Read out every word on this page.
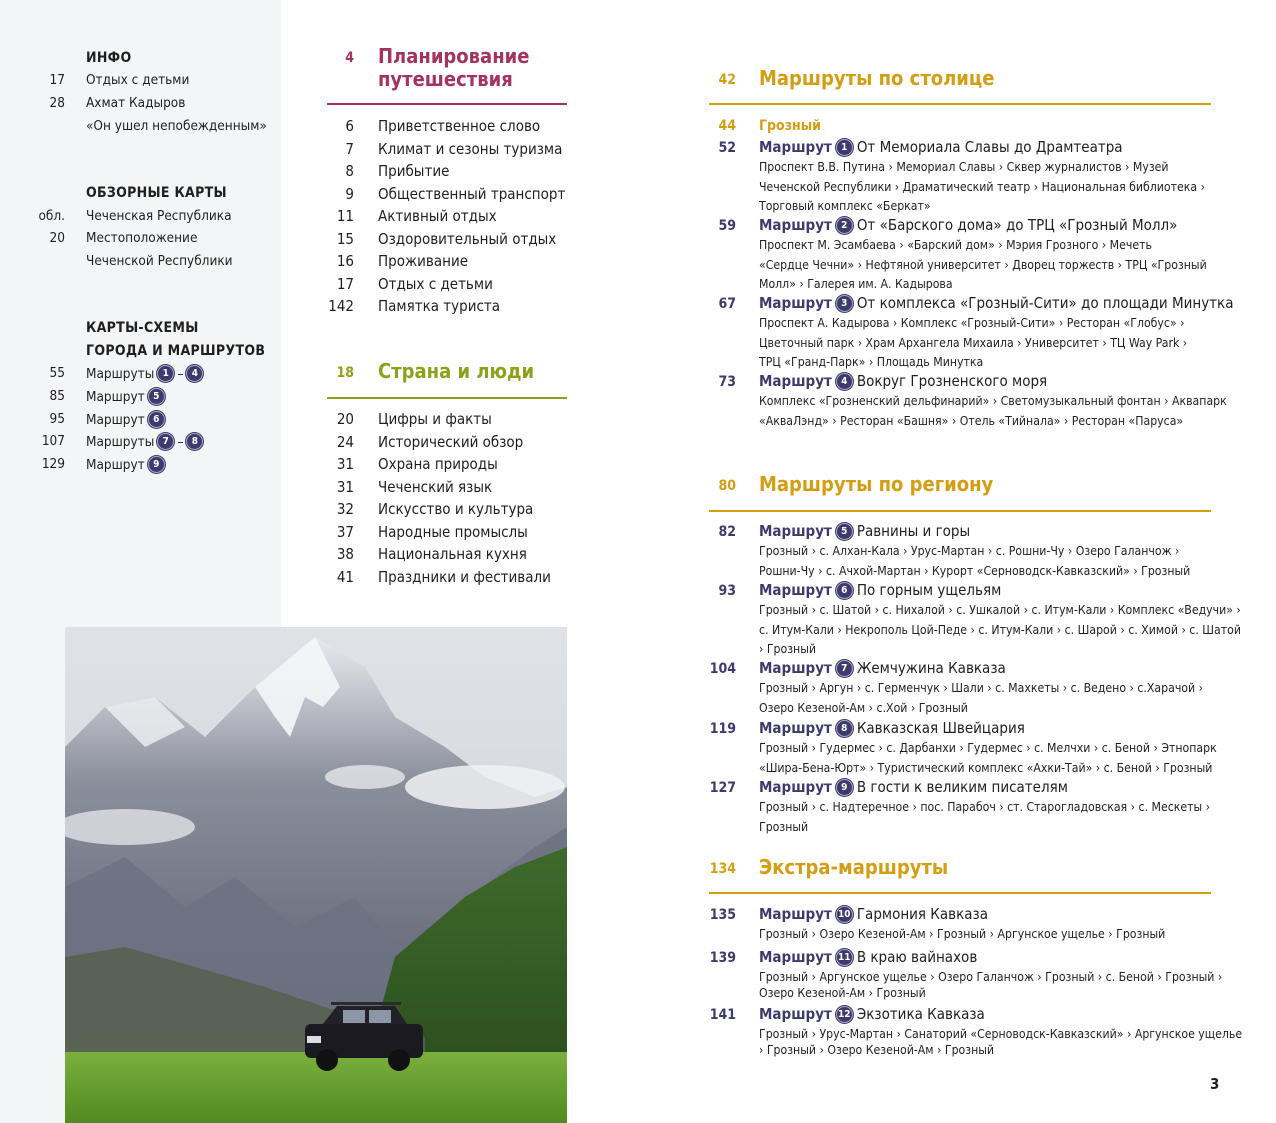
ИНФО
17 Отдых с детьми
28 Ахмат Кадыров
«Он ушел непобежденным»
ОБЗОРНЫЕ КАРТЫ
обл. Чеченская Республика
20 Местоположение
Чеченской Республики
КАРТЫ-СХЕМЫ
ГОРОДА И МАРШРУТОВ
55 Маршруты 1 – 4
85 Маршрут 5
95 Маршрут 6
107 Маршруты 7 – 8
129 Маршрут 9
4 Планирование
путешествия
6 Приветственное слово
7 Климат и сезоны туризма
8 Прибытие
9 Общественный транспорт
11 Активный отдых
15 Оздоровительный отдых
16 Проживание
17 Отдых с детьми
142 Памятка туриста
18 Страна и люди
20 Цифры и факты
24 Исторический обзор
31 Охрана природы
31 Чеченский язык
32 Искусство и культура
37 Народные промыслы
38 Национальная кухня
41 Праздники и фестивали
42 Маршруты по столице
44 Грозный
80 Маршруты по региону
134 Экстра-маршруты
52 Маршрут 1 От Мемориала Славы до Драмтеатра
Проспект В.В. Путина › Мемориал Славы › Сквер журналистов › Музей
Чеченской Республики › Драматический театр › Национальная библиотека ›
Торговый комплекс «Беркат»
59 Маршрут 2 От «Барского дома» до ТРЦ «Грозный Молл»
Проспект М. Эсамбаева › «Барский дом» › Мэрия Грозного › Мечеть
«Сердце Чечни» › Нефтяной университет › Дворец торжеств › ТРЦ «Грозный
Молл» › Галерея им. А. Кадырова
67 Маршрут 3 От комплекса «Грозный-Сити» до площади Минутка
Проспект А. Кадырова › Комплекс «Грозный-Сити» › Ресторан «Глобус» ›
Цветочный парк › Храм Архангела Михаила › Университет › ТЦ Way Park ›
ТРЦ «Гранд-Парк» › Площадь Минутка
73 Маршрут 4 Вокруг Грозненского моря
Комплекс «Грозненский дельфинарий» › Светомузыкальный фонтан › Аквапарк
«АкваЛэнд» › Ресторан «Башня» › Отель «Тийнала» › Ресторан «Паруса»
82 Маршрут 5 Равнины и горы
Грозный › с. Алхан-Кала › Урус-Мартан › с. Рошни-Чу › Озеро Галанчож ›
Рошни-Чу › с. Ачхой-Мартан › Курорт «Серноводск-Кавказский» › Грозный
93 Маршрут 6 По горным ущельям
Грозный › с. Шатой › с. Нихалой › с. Ушкалой › с. Итум-Кали › Комплекс «Ведучи» ›
с. Итум-Кали › Некрополь Цой-Педе › с. Итум-Кали › с. Шарой › с. Химой › с. Шатой
› Грозный
104 Маршрут 7 Жемчужина Кавказа
Грозный › Аргун › с. Герменчук › Шали › с. Махкеты › с. Ведено › с.Харачой ›
Озеро Кезеной-Ам › с.Хой › Грозный
119 Маршрут 8 Кавказская Швейцария
Грозный › Гудермес › с. Дарбанхи › Гудермес › с. Мелчхи › с. Беной › Этнопарк
«Шира-Бена-Юрт» › Туристический комплекс «Ахки-Тай» › с. Беной › Грозный
127 Маршрут 9 В гости к великим писателям
Грозный › с. Надтеречное › пос. Парабоч › ст. Старогладовская › с. Мескеты ›
Грозный
135 Маршрут 10 Гармония Кавказа
Грозный › Озеро Кезеной-Ам › Грозный › Аргунское ущелье › Грозный
139 Маршрут 11 В краю вайнахов
Грозный › Аргунское ущелье › Озеро Галанчож › Грозный › с. Беной › Грозный ›
Озеро Кезеной-Ам › Грозный
141 Маршрут 12 Экзотика Кавказа
Грозный › Урус-Мартан › Санаторий «Серноводск-Кавказский» › Аргунское ущелье
› Грозный › Озеро Кезеной-Ам › Грозный
3
